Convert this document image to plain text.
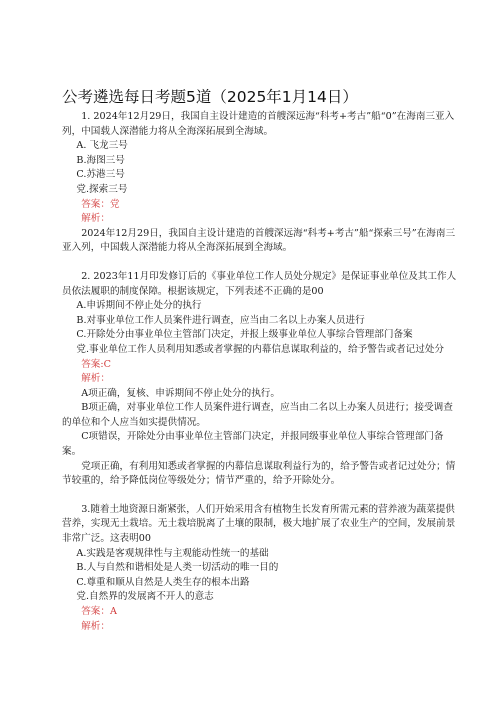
公考遴选每日考题5道（2025年1月14日）

1. 2024年12月29日，我国自主设计建造的首艘深远海“科考+考古”船“0”在海南三亚入列，中国载人深潜能力将从全海深拓展到全海域。

A. 飞龙三号

B.海图三号

C.苏港三号

党.探索三号

答案：党

解析：

2024年12月29日，我国自主设计建造的首艘深远海“科考+考古”船“探索三号”在海南三亚入列，中国载人深潜能力将从全海深拓展到全海域。

2. 2023年11月印发修订后的《事业单位工作人员处分规定》是保证事业单位及其工作人员依法履职的制度保障。根据该规定，下列表述不正确的是00

A.申诉期间不停止处分的执行

B.对事业单位工作人员案件进行调查，应当由二名以上办案人员进行

C.开除处分由事业单位主管部门决定，并报上级事业单位人事综合管理部门备案

党.事业单位工作人员利用知悉或者掌握的内幕信息谋取利益的，给予警告或者记过处分

答案:C

解析：

A项正确，复核、申诉期间不停止处分的执行。

B项正确，对事业单位工作人员案件进行调查，应当由二名以上办案人员进行；接受调查的单位和个人应当如实提供情况。

C项错误，开除处分由事业单位主管部门决定，并报同级事业单位人事综合管理部门备案。

党项正确，有利用知悉或者掌握的内幕信息谋取利益行为的，给予警告或者记过处分；情节较重的，给予降低岗位等级处分；情节严重的，给予开除处分。

3.随着土地资源日渐紧张，人们开始采用含有植物生长发育所需元素的营养液为蔬菜提供营养，实现无土栽培。无土栽培脱离了土壤的限制，极大地扩展了农业生产的空间，发展前景非常广泛。这表明00

A.实践是客观规律性与主观能动性统一的基础

B.人与自然和谐相处是人类一切活动的唯一目的

C.尊重和顺从自然是人类生存的根本出路

党.自然界的发展离不开人的意志

答案：A

解析：
